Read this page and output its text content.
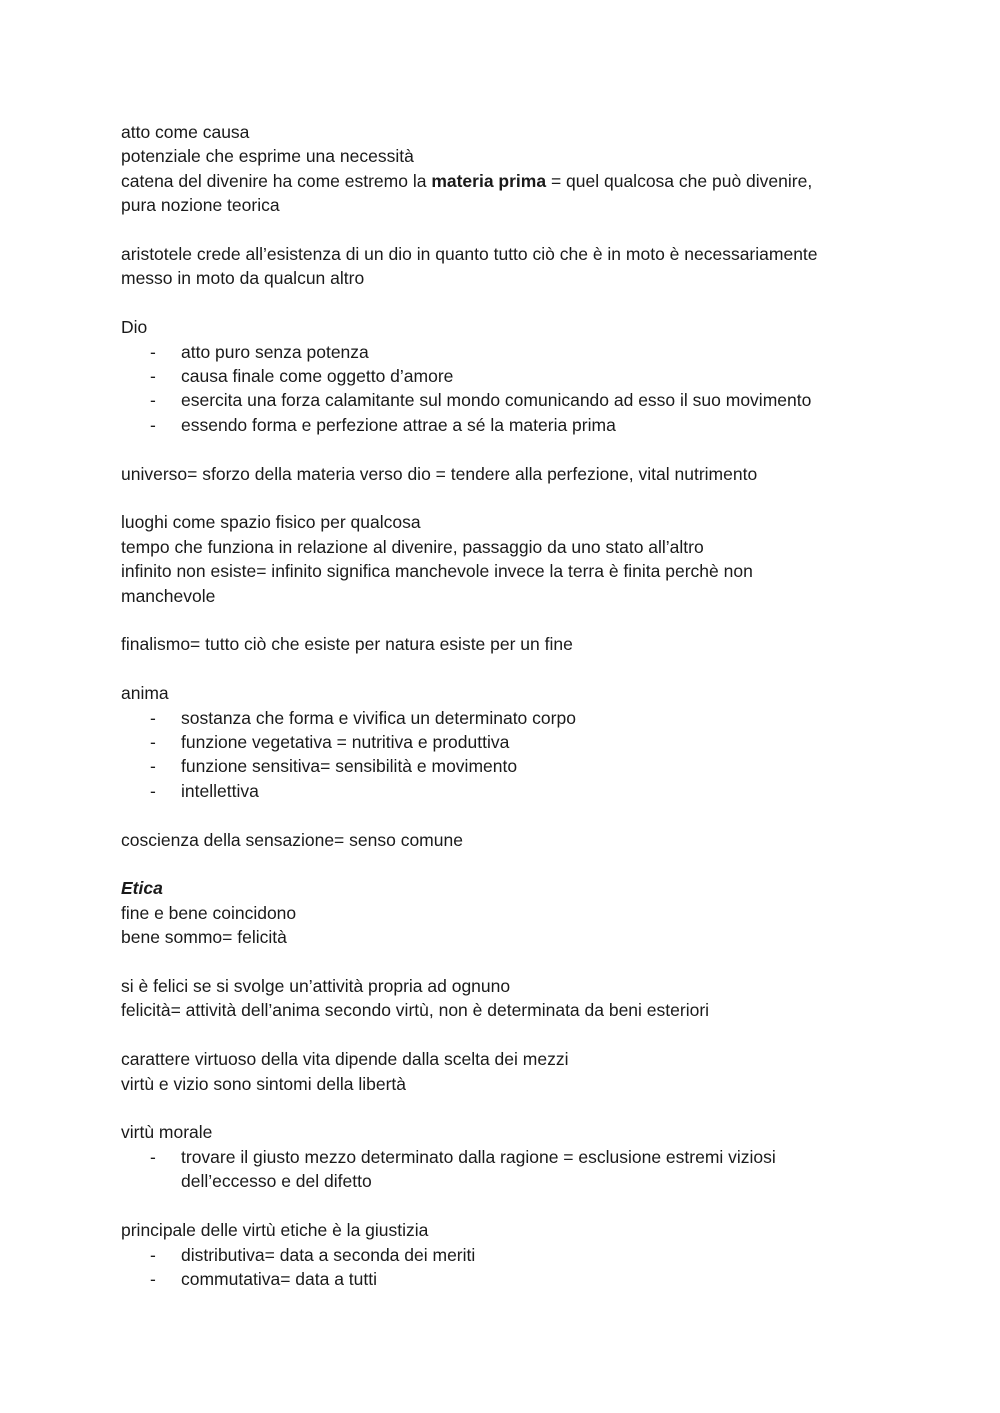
atto come causa

potenziale che esprime una necessità

catena del divenire ha come estremo la materia prima = quel qualcosa che può divenire,

pura nozione teorica

aristotele crede all’esistenza di un dio in quanto tutto ciò che è in moto è necessariamente

messo in moto da qualcun altro

Dio

- atto puro senza potenza
- causa finale come oggetto d’amore
- esercita una forza calamitante sul mondo comunicando ad esso il suo movimento
- essendo forma e perfezione attrae a sé la materia prima

universo= sforzo della materia verso dio = tendere alla perfezione, vital nutrimento

luoghi come spazio fisico per qualcosa

tempo che funziona in relazione al divenire, passaggio da uno stato all’altro

infinito non esiste= infinito significa manchevole invece la terra è finita perchè non

manchevole

finalismo= tutto ciò che esiste per natura esiste per un fine

anima

- sostanza che forma e vivifica un determinato corpo
- funzione vegetativa = nutritiva e produttiva
- funzione sensitiva= sensibilità e movimento
- intellettiva

coscienza della sensazione= senso comune

Etica

fine e bene coincidono

bene sommo= felicità

si è felici se si svolge un’attività propria ad ognuno

felicità= attività dell’anima secondo virtù, non è determinata da beni esteriori

carattere virtuoso della vita dipende dalla scelta dei mezzi

virtù e vizio sono sintomi della libertà

virtù morale

- trovare il giusto mezzo determinato dalla ragione = esclusione estremi viziosi
dell’eccesso e del difetto

principale delle virtù etiche è la giustizia

- distributiva= data a seconda dei meriti
- commutativa= data a tutti
